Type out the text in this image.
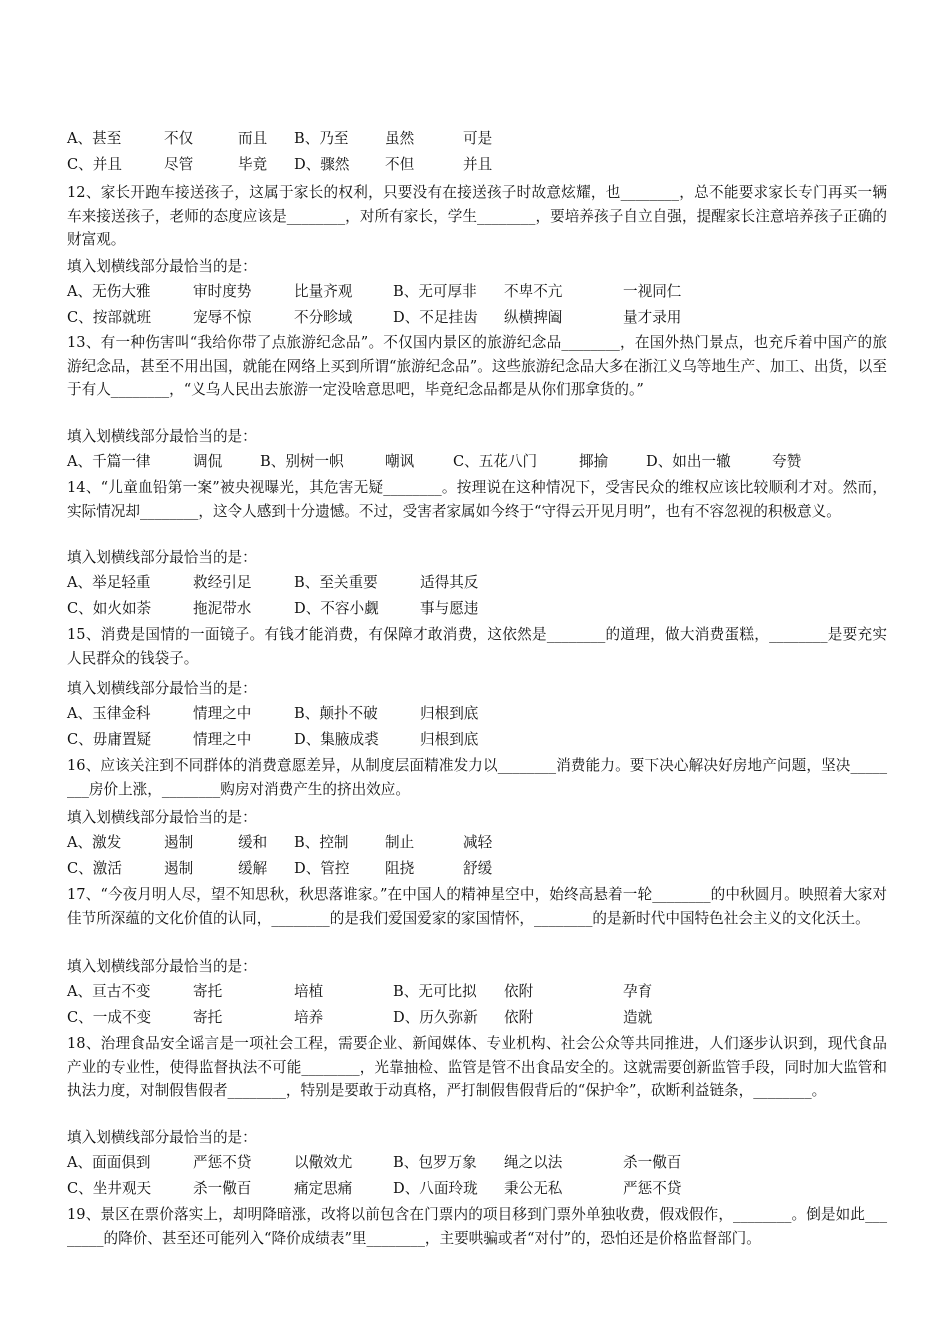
A、甚至	不仅	而且 B、乃至 虽然	可是
C、并且	尽管	毕竟 D、骤然 不但	并且
12、家长开跑车接送孩子，这属于家长的权利，只要没有在接送孩子时故意炫耀，也________，总不能要求家长专门再买一辆车来接送孩子，老师的态度应该是________，对所有家长，学生________，要培养孩子自立自强，提醒家长注意培养孩子正确的财富观。
填入划横线部分最恰当的是：
A、无伤大雅	审时度势	比量齐观	B、无可厚非 不卑不亢	一视同仁
C、按部就班	宠辱不惊	不分畛域	D、不足挂齿 纵横捭阖	量才录用
13、有一种伤害叫“我给你带了点旅游纪念品”。不仅国内景区的旅游纪念品________，在国外热门景点，也充斥着中国产的旅游纪念品，甚至不用出国，就能在网络上买到所谓“旅游纪念品”。这些旅游纪念品大多在浙江义乌等地生产、加工、出货，以至于有人________，“义乌人民出去旅游一定没啥意思吧，毕竟纪念品都是从你们那拿货的。”
填入划横线部分最恰当的是：
A、千篇一律	调侃	B、别树一帜	嘲讽	C、五花八门	揶揄	D、如出一辙	夸赞
14、“儿童血铅第一案”被央视曝光，其危害无疑________。按理说在这种情况下，受害民众的维权应该比较顺利才对。然而，实际情况却________，这令人感到十分遗憾。不过，受害者家属如今终于“守得云开见月明”，也有不容忽视的积极意义。
填入划横线部分最恰当的是：
A、举足轻重	救经引足	B、至关重要	适得其反
C、如火如荼	拖泥带水	D、不容小觑	事与愿违
15、消费是国情的一面镜子。有钱才能消费，有保障才敢消费，这依然是________的道理，做大消费蛋糕，________是要充实人民群众的钱袋子。
填入划横线部分最恰当的是：
A、玉律金科	情理之中	B、颠扑不破	归根到底
C、毋庸置疑	情理之中	D、集腋成裘	归根到底
16、应该关注到不同群体的消费意愿差异，从制度层面精准发力以________消费能力。要下决心解决好房地产问题，坚决________房价上涨，________购房对消费产生的挤出效应。
填入划横线部分最恰当的是：
A、激发	遏制	缓和 B、控制 制止	减轻
C、激活	遏制	缓解 D、管控 阻挠	舒缓
17、“今夜月明人尽，望不知思秋，秋思落谁家。”在中国人的精神星空中，始终高悬着一轮________的中秋圆月。映照着大家对佳节所深蕴的文化价值的认同，________的是我们爱国爱家的家国情怀，________的是新时代中国特色社会主义的文化沃土。
填入划横线部分最恰当的是：
A、亘古不变	寄托	培植	B、无可比拟 依附	孕育
C、一成不变	寄托	培养	D、历久弥新 依附	造就
18、治理食品安全谣言是一项社会工程，需要企业、新闻媒体、专业机构、社会公众等共同推进，人们逐步认识到，现代食品产业的专业性，使得监督执法不可能________，光靠抽检、监管是管不出食品安全的。这就需要创新监管手段，同时加大监管和执法力度，对制假售假者________，特别是要敢于动真格，严打制假售假背后的“保护伞”，砍断利益链条，________。
填入划横线部分最恰当的是：
A、面面俱到	严惩不贷	以儆效尤	B、包罗万象 绳之以法	杀一儆百
C、坐井观天	杀一儆百	痛定思痛	D、八面玲珑 秉公无私	严惩不贷
19、景区在票价落实上，却明降暗涨，改将以前包含在门票内的项目移到门票外单独收费，假戏假作，________。倒是如此________的降价、甚至还可能列入“降价成绩表”里________，主要哄骗或者“对付”的，恐怕还是价格监督部门。
